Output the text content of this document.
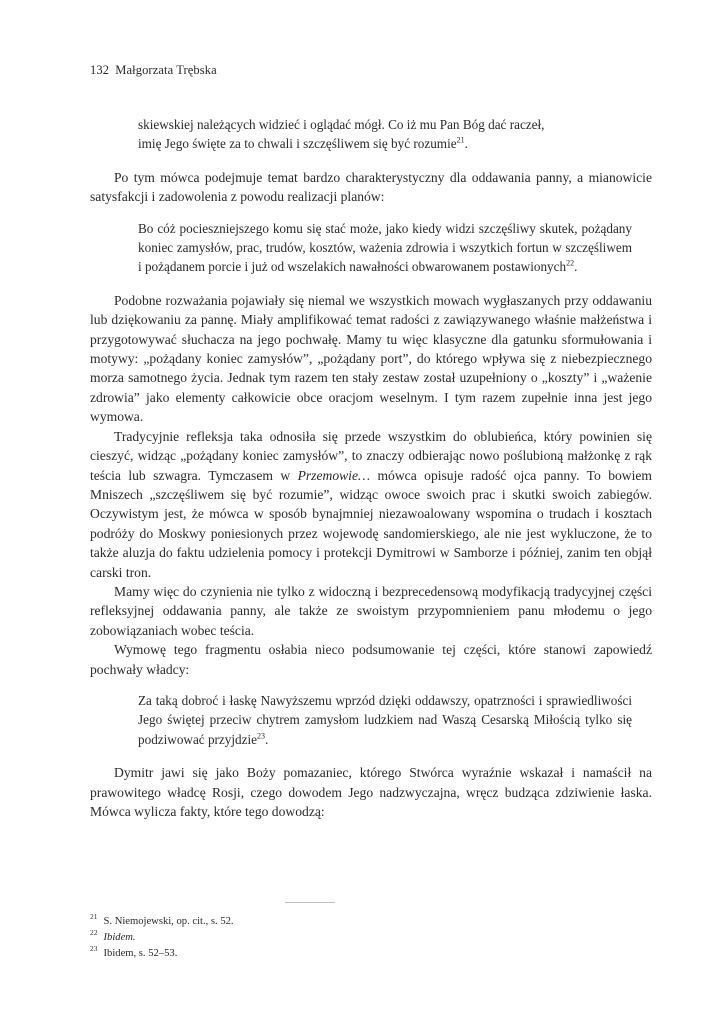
132 Małgorzata Trębska
skiewskiej należących widzieć i oglądać mógł. Co iż mu Pan Bóg dać raczeł,
imię Jego święte za to chwali i szczęśliwem się być rozumie$^{21}$.

Po tym mówca podejmuje temat bardzo charakterystyczny dla oddawania panny, a mianowicie satysfakcji i zadowolenia z powodu realizacji planów:

Bo cóż pocieszniejszego komu się stać może, jako kiedy widzi szczęśliwy skutek, pożądany koniec zamysłów, prac, trudów, kosztów, ważenia zdrowia i wszytkich fortun w szczęśliwem i pożądanem porcie i już od wszelakich nawałności obwarowanem postawionych$^{22}$.

Podobne rozważania pojawiały się niemal we wszystkich mowach wygłaszanych przy oddawaniu lub dziękowaniu za pannę. Miały amplifikować temat radości z zawiązywanego właśnie małżeństwa i przygotowywać słuchacza na jego pochwałę. Mamy tu więc klasyczne dla gatunku sformułowania i motywy: „pożądany koniec zamysłów”, „pożądany port”, do którego wpływa się z niebezpiecznego morza samotnego życia. Jednak tym razem ten stały zestaw został uzupełniony o „koszty” i „ważenie zdrowia” jako elementy całkowicie obce oracjom weselnym. I tym razem zupełnie inna jest jego wymowa.

Tradycyjnie refleksja taka odnosiła się przede wszystkim do oblubieńca, który powinien się cieszyć, widząc „pożądany koniec zamysłów”, to znaczy odbierając nowo poślubioną małżonkę z rąk teścia lub szwagra. Tymczasem w Przemowie… mówca opisuje radość ojca panny. To bowiem Mniszech „szczęśliwem się być rozumie”, widząc owoce swoich prac i skutki swoich zabiegów. Oczywistym jest, że mówca w sposób bynajmniej niezawoalowany wspomina o trudach i kosztach podróży do Moskwy poniesionych przez wojewodę sandomierskiego, ale nie jest wykluczone, że to także aluzja do faktu udzielenia pomocy i protekcji Dymitrowi w Samborze i później, zanim ten objął carski tron.

Mamy więc do czynienia nie tylko z widoczną i bezprecedensową modyfikacją tradycyjnej części refleksyjnej oddawania panny, ale także ze swoistym przypomnieniem panu młodemu o jego zobowiązaniach wobec teścia.

Wymowę tego fragmentu osłabia nieco podsumowanie tej części, które stanowi zapowiedź pochwały władcy:

Za taką dobroć i łaskę Nawyższemu wprzód dzięki oddawszy, opatrzności i sprawiedliwości Jego świętej przeciw chytrem zamysłom ludzkiem nad Waszą Cesarską Miłością tylko się podziwować przyjdzie$^{23}$.

Dymitr jawi się jako Boży pomazaniec, którego Stwórca wyraźnie wskazał i namaścił na prawowitego władcę Rosji, czego dowodem Jego nadzwyczajna, wręcz budząca zdziwienie łaska. Mówca wylicza fakty, które tego dowodzą:

$^{21}$ S. Niemojewski, op. cit., s. 52.
$^{22}$ Ibidem.
$^{23}$ Ibidem, s. 52–53.
